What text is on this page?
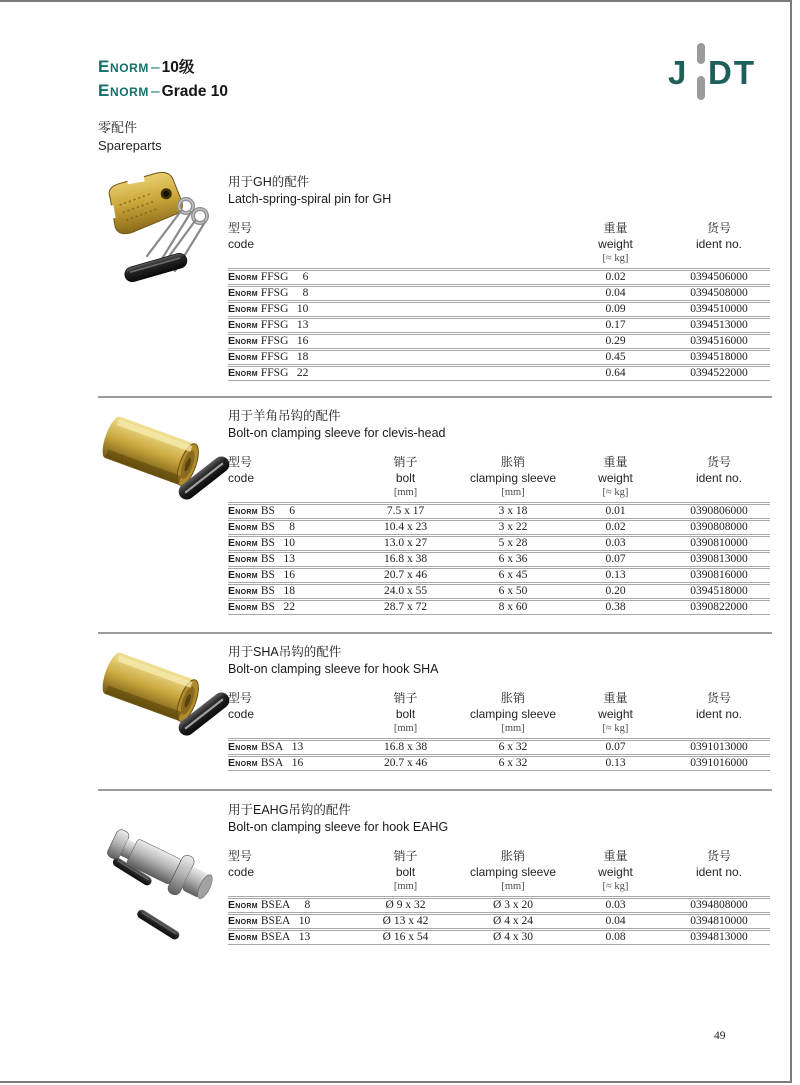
Enorm – 10级
Enorm – Grade 10
零配件
Spareparts
J DT
用于GH的配件
Latch-spring-spiral pin for GH
型号
code
重量
weight
[≈ kg]
货号
ident no.
Enorm FFSG 6	0.02	0394506000
Enorm FFSG 8	0.04	0394508000
Enorm FFSG 10	0.09	0394510000
Enorm FFSG 13	0.17	0394513000
Enorm FFSG 16	0.29	0394516000
Enorm FFSG 18	0.45	0394518000
Enorm FFSG 22	0.64	0394522000
用于羊角吊钩的配件
Bolt-on clamping sleeve for clevis-head
型号
code
销子
bolt
[mm]
胀销
clamping sleeve
[mm]
重量
weight
[≈ kg]
货号
ident no.
Enorm BS 6	7.5 x 17	3 x 18	0.01	0390806000
Enorm BS 8	10.4 x 23	3 x 22	0.02	0390808000
Enorm BS 10	13.0 x 27	5 x 28	0.03	0390810000
Enorm BS 13	16.8 x 38	6 x 36	0.07	0390813000
Enorm BS 16	20.7 x 46	6 x 45	0.13	0390816000
Enorm BS 18	24.0 x 55	6 x 50	0.20	0394518000
Enorm BS 22	28.7 x 72	8 x 60	0.38	0390822000
用于SHA吊钩的配件
Bolt-on clamping sleeve for hook SHA
型号
code
销子
bolt
[mm]
胀销
clamping sleeve
[mm]
重量
weight
[≈ kg]
货号
ident no.
Enorm BSA 13	16.8 x 38	6 x 32	0.07	0391013000
Enorm BSA 16	20.7 x 46	6 x 32	0.13	0391016000
用于EAHG吊钩的配件
Bolt-on clamping sleeve for hook EAHG
型号
code
销子
bolt
[mm]
胀销
clamping sleeve
[mm]
重量
weight
[≈ kg]
货号
ident no.
Enorm BSEA 8	Ø 9 x 32	Ø 3 x 20	0.03	0394808000
Enorm BSEA 10	Ø 13 x 42	Ø 4 x 24	0.04	0394810000
Enorm BSEA 13	Ø 16 x 54	Ø 4 x 30	0.08	0394813000
49
